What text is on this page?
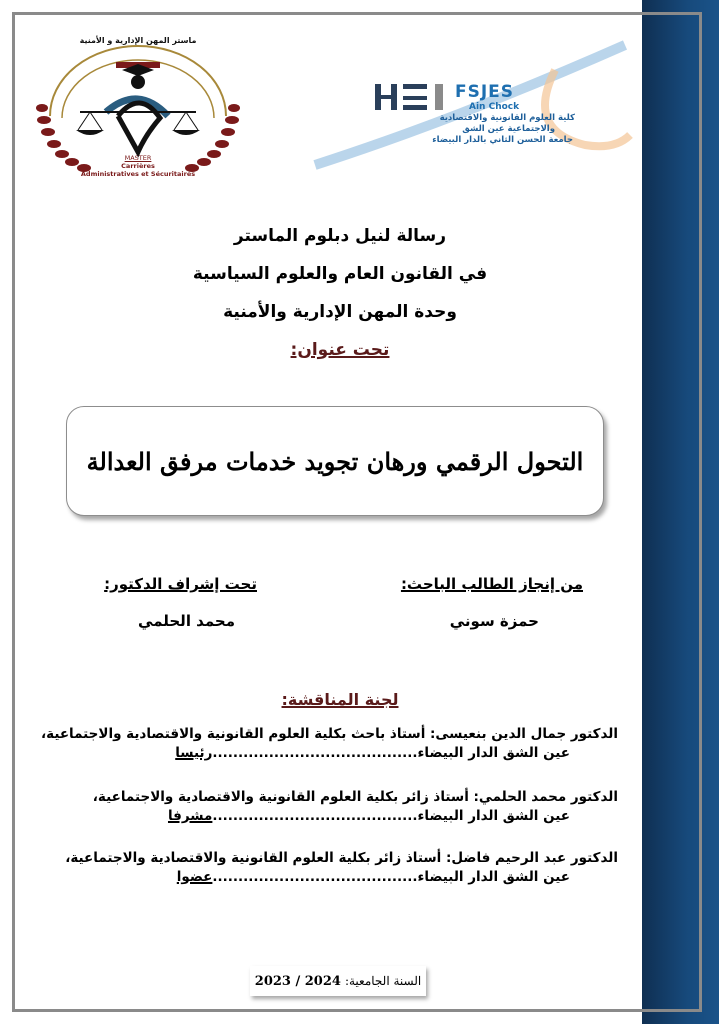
ماستر المهن الإدارية و الأمنية
MASTER
Carrières
Administratives et Sécuritaires
FSJES
Ain Chock
كلية العلوم القانونية والاقتصادية
والاجتماعية عين الشق
جامعة الحسن الثاني بالدار البيضاء
رسالة لنيل دبلوم الماستر
في القانون العام والعلوم السياسية
وحدة المهن الإدارية والأمنية
تحت عنوان:
التحول الرقمي ورهان تجويد خدمات مرفق العدالة
من إنجاز الطالب الباحث:
حمزة سوني
تحت إشراف الدكتور:
محمد الحلمي
لجنة المناقشة:
الدكتور جمال الدين بنعيسى: أستاذ باحث بكلية العلوم القانونية والاقتصادية والاجتماعية،
عين الشق الدار البيضاء........................................رئيسا
الدكتور محمد الحلمي: أستاذ زائر بكلية العلوم القانونية والاقتصادية والاجتماعية،
عين الشق الدار البيضاء........................................مشرفا
الدكتور عبد الرحيم فاضل: أستاذ زائر بكلية العلوم القانونية والاقتصادية والاجتماعية،
عين الشق الدار البيضاء........................................عضوا
السنة الجامعية:
2023 / 2024
